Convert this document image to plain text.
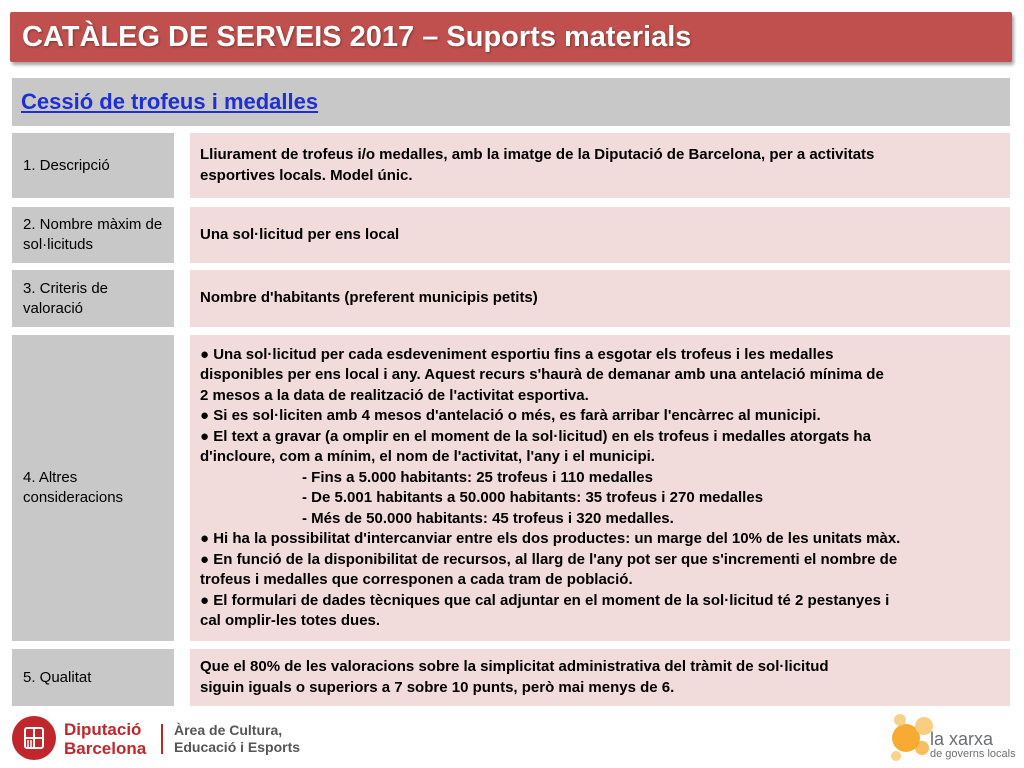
CATÀLEG DE SERVEIS 2017 – Suports materials
Cessió de trofeus i medalles
1. Descripció
Lliurament de trofeus i/o medalles, amb la imatge de la Diputació de Barcelona, per a activitats
esportives locals. Model únic.
2. Nombre màxim de sol·licituds
Una sol·licitud per ens local
3. Criteris de valoració
Nombre d'habitants (preferent municipis petits)
4. Altres consideracions
● Una sol·licitud per cada esdeveniment esportiu fins a esgotar els trofeus i les medalles
disponibles per ens local i any. Aquest recurs s'haurà de demanar amb una antelació mínima de
2 mesos a la data de realització de l'activitat esportiva.
● Si es sol·liciten amb 4 mesos d'antelació o més, es farà arribar l'encàrrec al municipi.
● El text a gravar (a omplir en el moment de la sol·licitud) en els trofeus i medalles atorgats ha
d'incloure, com a mínim, el nom de l'activitat, l'any i el municipi.
- Fins a 5.000 habitants: 25 trofeus i 110 medalles
- De 5.001 habitants a 50.000 habitants: 35 trofeus i 270 medalles
- Més de 50.000 habitants: 45 trofeus i 320 medalles.
● Hi ha la possibilitat d'intercanviar entre els dos productes: un marge del 10% de les unitats màx.
● En funció de la disponibilitat de recursos, al llarg de l'any pot ser que s'incrementi el nombre de
trofeus i medalles que corresponen a cada tram de població.
● El formulari de dades tècniques que cal adjuntar en el moment de la sol·licitud té 2 pestanyes i
cal omplir-les totes dues.
5. Qualitat
Que el 80% de les valoracions sobre la simplicitat administrativa del tràmit de sol·licitud
siguin iguals o superiors a 7 sobre 10 punts, però mai menys de 6.
Diputació
Barcelona
Àrea de Cultura,
Educació i Esports	la xarxa
de governs locals
